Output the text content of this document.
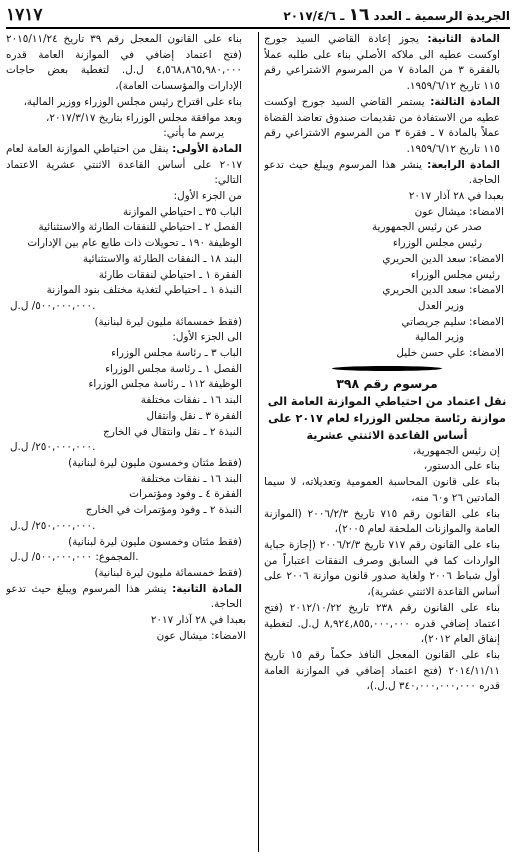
الجريدة الرسمية ـ العدد ١٦ ـ ٢٠١٧/٤/٦
١٧١٧

المادة الثانية: يجوز إعادة القاضي السيد جورج اوكست عطيه الى ملاكه الأصلي بناء على طلبه عملاً بالفقرة ٣ من المادة ٧ من المرسوم الاشتراعي رقم ١١٥ تاريخ ١٩٥٩/٦/١٢.

المادة الثالثة: يستمر القاضي السيد جورج اوكست عطيه من الاستفادة من تقديمات صندوق تعاضد القضاة عملاً بالمادة ٧ ـ فقرة ٣ من المرسوم الاشتراعي رقم ١١٥ تاريخ ١٩٥٩/٦/١٢.

المادة الرابعة: ينشر هذا المرسوم ويبلغ حيث تدعو الحاجة.

بعبدا في ٢٨ آذار ٢٠١٧

الامضاء: ميشال عون

صدر عن رئيس الجمهورية

رئيس مجلس الوزراء

الامضاء: سعد الدين الحريري

رئيس مجلس الوزراء

الامضاء: سعد الدين الحريري

وزير العدل

الامضاء: سليم جريصاتي

وزير المالية

الامضاء: علي حسن خليل

مرسوم رقم ٣٩٨

نقل اعتماد من احتياطي الموازنة العامة الى موازنة رئاسة مجلس الوزراء لعام ٢٠١٧ على أساس القاعدة الاثنتي عشرية

إن رئيس الجمهورية،

بناء على الدستور،

بناء على قانون المحاسبة العمومية وتعديلاته، لا سيما المادتين ٢٦ و٦٠ منه،

بناء على القانون رقم ٧١٥ تاريخ ٢٠٠٦/٢/٣ (الموازنة العامة والموازنات الملحقة لعام ٢٠٠٥)،

بناء على القانون رقم ٧١٧ تاريخ ٢٠٠٦/٢/٣ (إجازة جباية الواردات كما في السابق وصرف النفقات اعتباراً من أول شباط ٢٠٠٦ ولغاية صدور قانون موازنة ٢٠٠٦ على أساس القاعدة الاثنتي عشرية)،

بناء على القانون رقم ٢٣٨ تاريخ ٢٠١٢/١٠/٢٢ (فتح اعتماد إضافي قدره ٨,٩٢٤,٨٥٥,٠٠٠,٠٠٠ ل.ل. لتغطية إنفاق العام ٢٠١٢)،

بناء على القانون المعجل النافذ حكماً رقم ١٥ تاريخ ٢٠١٤/١١/١١ (فتح اعتماد إضافي في الموازنة العامة قدره ٣٤٠,٠٠٠,٠٠٠,٠٠٠ ل.ل.)،

بناء على القانون المعجل رقم ٣٩ تاريخ ٢٠١٥/١١/٢٤ (فتح اعتماد إضافي في الموازنة العامة قدره ٤,٥٦٨,٨٦٥,٩٨٠,٠٠٠ ل.ل. لتغطية بعض حاجات الإدارات والمؤسسات العامة)،

بناء على اقتراح رئيس مجلس الوزراء ووزير المالية،

وبعد موافقة مجلس الوزراء بتاريخ ٢٠١٧/٣/١٧،

يرسم ما يأتي:

المادة الأولى: ينقل من احتياطي الموازنة العامة لعام ٢٠١٧ على أساس القاعدة الاثنتي عشرية الاعتماد التالي:

من الجزء الأول:

الباب ٣٥ ـ احتياطي الموازنة

الفصل ٢ ـ احتياطي للنفقات الطارئة والاستثنائية

الوظيفة ١٩٠ ـ تحويلات ذات طابع عام بين الإدارات

البند ١٨ ـ النفقات الطارئة والاستثنائية

الفقرة ١ ـ احتياطي لنفقات طارئة

النبذة ١ ـ احتياطي لتغذية مختلف بنود الموازنة

٥٠٠,٠٠٠,٠٠٠/ ل.ل.

(فقط خمسمائة مليون ليرة لبنانية)

الى الجزء الأول:

الباب ٣ ـ رئاسة مجلس الوزراء

الفصل ١ ـ رئاسة مجلس الوزراء

الوظيفة ١١٢ ـ رئاسة مجلس الوزراء

البند ١٦ ـ نفقات مختلفة

الفقرة ٣ ـ نقل وانتقال

النبذة ٢ ـ نقل وانتقال في الخارج

٢٥٠,٠٠٠,٠٠٠/ ل.ل.

(فقط مئتان وخمسون مليون ليرة لبنانية)

البند ١٦ ـ نفقات مختلفة

الفقرة ٤ ـ وفود ومؤتمرات

النبذة ٢ ـ وفود ومؤتمرات في الخارج

٢٥٠,٠٠٠,٠٠٠/ ل.ل.

(فقط مئتان وخمسون مليون ليرة لبنانية)

المجموع: ٥٠٠,٠٠٠,٠٠٠/ ل.ل.

(فقط خمسمائة مليون ليرة لبنانية)

المادة الثانية: ينشر هذا المرسوم ويبلغ حيث تدعو الحاجة.

بعبدا في ٢٨ آذار ٢٠١٧

الامضاء: ميشال عون
